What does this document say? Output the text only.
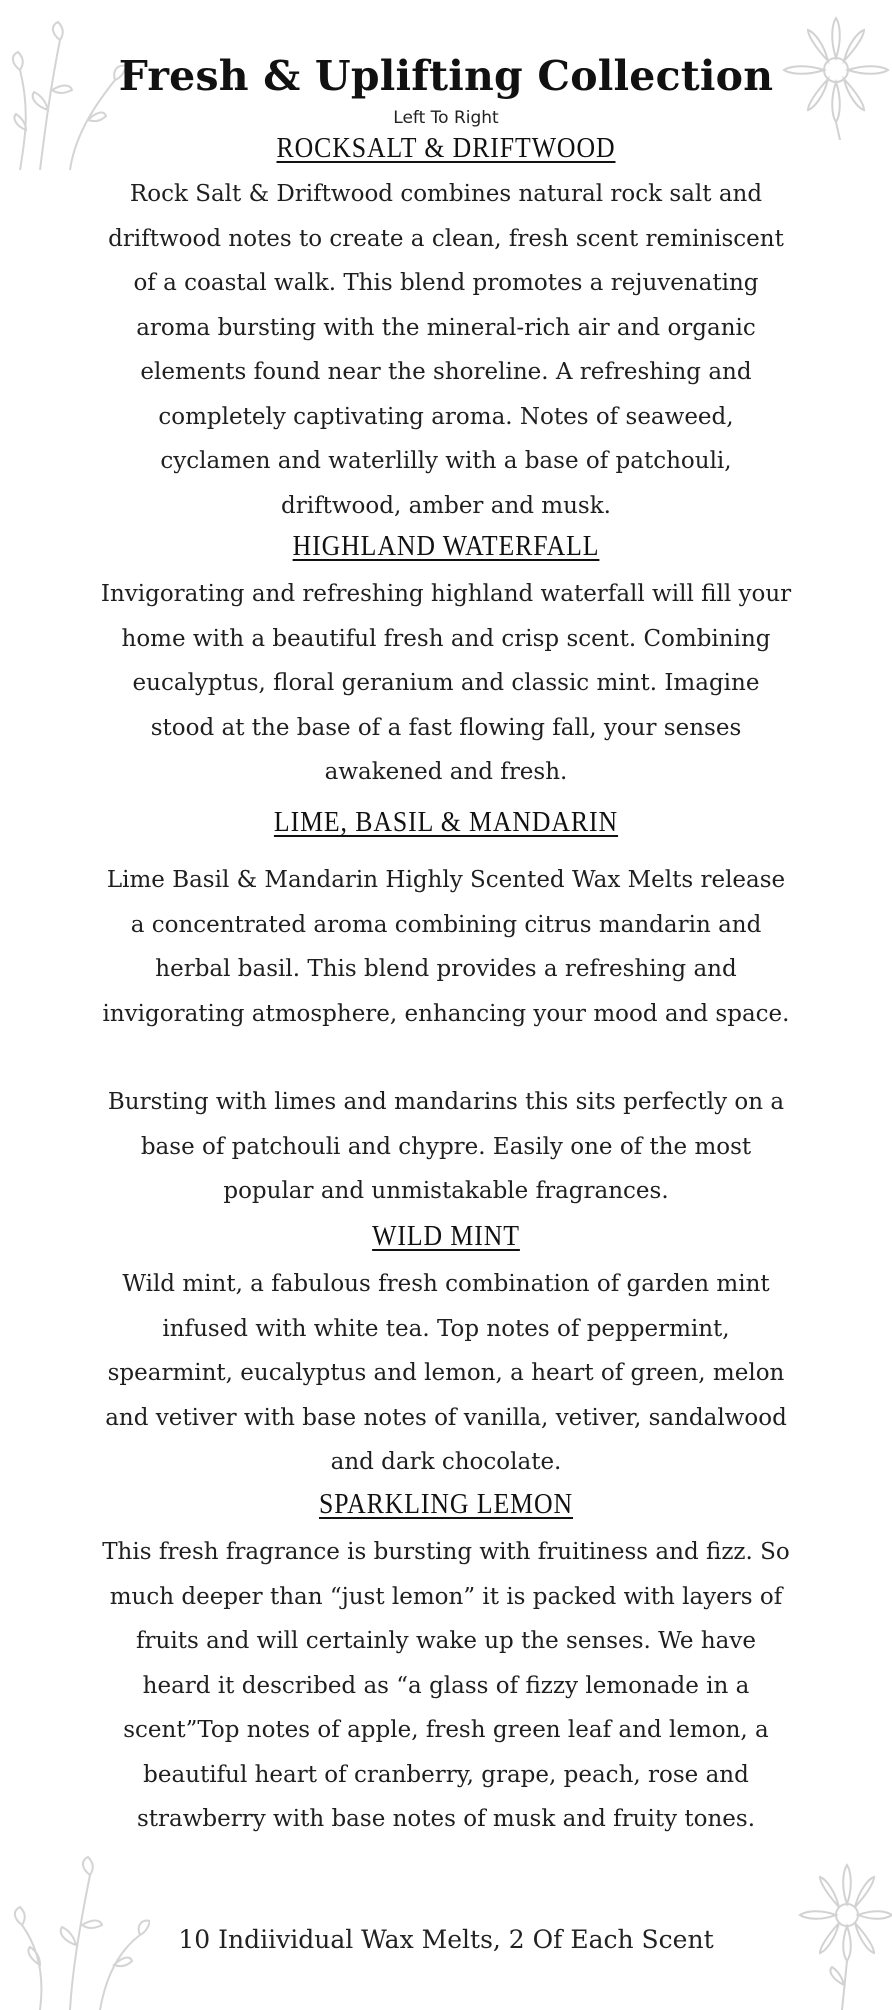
Fresh & Uplifting Collection
Left To Right
ROCKSALT & DRIFTWOOD
Rock Salt & Driftwood combines natural rock salt and driftwood notes to create a clean, fresh scent reminiscent of a coastal walk. This blend promotes a rejuvenating aroma bursting with the mineral-rich air and organic elements found near the shoreline. A refreshing and completely captivating aroma. Notes of seaweed, cyclamen and waterlilly with a base of patchouli, driftwood, amber and musk.
HIGHLAND WATERFALL
Invigorating and refreshing highland waterfall will fill your home with a beautiful fresh and crisp scent. Combining eucalyptus, floral geranium and classic mint. Imagine stood at the base of a fast flowing fall, your senses awakened and fresh.
LIME, BASIL & MANDARIN
Lime Basil & Mandarin Highly Scented Wax Melts release a concentrated aroma combining citrus mandarin and herbal basil. This blend provides a refreshing and invigorating atmosphere, enhancing your mood and space.
Bursting with limes and mandarins this sits perfectly on a base of patchouli and chypre. Easily one of the most popular and unmistakable fragrances.
WILD MINT
Wild mint, a fabulous fresh combination of garden mint infused with white tea. Top notes of peppermint, spearmint, eucalyptus and lemon, a heart of green, melon and vetiver with base notes of vanilla, vetiver, sandalwood and dark chocolate.
SPARKLING LEMON
This fresh fragrance is bursting with fruitiness and fizz. So much deeper than “just lemon” it is packed with layers of fruits and will certainly wake up the senses. We have heard it described as “a glass of fizzy lemonade in a scent”Top notes of apple, fresh green leaf and lemon, a beautiful heart of cranberry, grape, peach, rose and strawberry with base notes of musk and fruity tones.
10 Indiividual Wax Melts, 2 Of Each Scent
